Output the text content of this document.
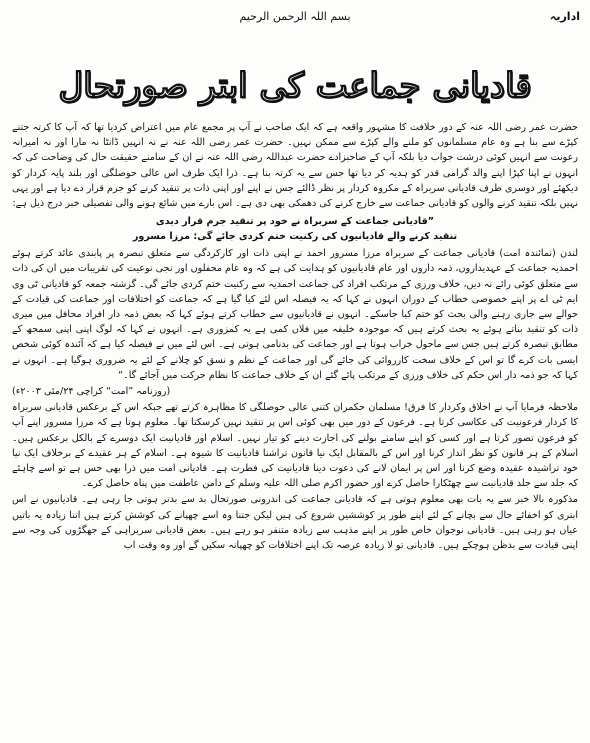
اداریہ
بسم اللہ الرحمن الرحیم
قادیانی جماعت کی ابتر صورتحال

حضرت عمر رضی اللہ عنہ کے دور خلافت کا مشہور واقعہ ہے کہ ایک صاحب نے آپ پر مجمع عام میں اعتراض کردیا تھا کہ آپ کا کرتہ جتنے کپڑے سے بنا ہے وہ عام مسلمانوں کو ملنے والے کپڑے سے ممکن نہیں۔ حضرت عمر رضی اللہ عنہ نے نہ انہیں ڈانٹا نہ مارا اور نہ امیرانہ رعونت سے انہیں کوئی درشت جواب دیا بلکہ آپ کے صاحبزادے حضرت عبداللہ رضی اللہ عنہ نے ان کے سامنے حقیقت حال کی وضاحت کی کہ انہوں نے اپنا کپڑا اپنے والد گرامی قدر کو ہدیہ کر دیا تھا جس سے یہ کرتہ بنا ہے۔ ذرا ایک طرف اس عالی حوصلگی اور بلند پایہ کردار کو دیکھئے اور دوسری طرف قادیانی سربراہ کے مکروہ کردار پر نظر ڈالئے جس نے اپنے اور اپنی ذات پر تنقید کرنے کو جرم قرار دے دیا ہے اور یہی نہیں بلکہ تنقید کرنے والوں کو قادیانی جماعت سے خارج کرنے کی دھمکی بھی دی ہے۔ اس بارے میں شائع ہونے والی تفصیلی خبر درج ذیل ہے:

”قادیانی جماعت کے سربراہ نے خود پر تنقید جرم قرار دیدی
تنقید کرنے والے قادیانیوں کی رکنیت ختم کردی جائے گی: مرزا مسرور

لندن (نمائندہ امت) قادیانی جماعت کے سربراہ مرزا مسرور احمد نے اپنی ذات اور کارکردگی سے متعلق تبصرہ پر پابندی عائد کرتے ہوئے احمدیہ جماعت کے عہدیداروں، ذمہ داروں اور عام قادیانیوں کو ہدایت کی ہے کہ وہ عام محفلوں اور نجی نوعیت کی تقریبات میں ان کی ذات سے متعلق کوئی رائے نہ دیں، خلاف ورزی کے مرتکب افراد کی جماعت احمدیہ سے رکنیت ختم کردی جائے گی۔ گزشتہ جمعہ کو قادیانی ٹی وی ایم ٹی اے پر اپنے خصوصی خطاب کے دوران انہوں نے کہا کہ یہ فیصلہ اس لئے کیا گیا ہے کہ جماعت کو اختلافات اور جماعت کی قیادت کے حوالے سے جاری رہنے والی بحث کو ختم کیا جاسکے۔ انہوں نے قادیانیوں سے خطاب کرتے ہوئے کہا کہ بعض ذمہ دار افراد محافل میں میری ذات کو تنقید بناتے ہوئے یہ بحث کرتے ہیں کہ موجودہ خلیفہ میں فلاں کمی ہے یہ کمزوری ہے۔ انہوں نے کہا کہ لوگ اپنی اپنی سمجھ کے مطابق تبصرہ کرتے ہیں جس سے ماحول خراب ہوتا ہے اور جماعت کی بدنامی ہوتی ہے۔ اس لئے میں نے فیصلہ کیا ہے کہ آئندہ کوئی شخص ایسی بات کرے گا تو اس کے خلاف سخت کارروائی کی جائے گی اور جماعت کے نظم و نسق کو چلانے کے لئے یہ ضروری ہوگیا ہے۔ انہوں نے کہا کہ جو ذمہ دار اس حکم کی خلاف ورزی کے مرتکب پائے گئے ان کے خلاف جماعت کا نظام حرکت میں آجائے گا۔“

(روزنامہ ”امت“ کراچی ۲۴/مئی ۲۰۰۳ء)

ملاحظہ فرمایا آپ نے اخلاق وکردار کا فرق! مسلمان حکمران کتنی عالی حوصلگی کا مظاہرہ کرتے تھے جبکہ اس کے برعکس قادیانی سربراہ کا کردار فرعونیت کی عکاسی کرتا ہے۔ فرعون کے دور میں بھی کوئی اس پر تنقید نہیں کرسکتا تھا۔ معلوم ہوتا ہے کہ مرزا مسرور اپنے آپ کو فرعون تصور کرتا ہے اور کسی کو اپنے سامنے بولنے کی اجازت دینے کو تیار نہیں۔ اسلام اور قادیانیت ایک دوسرے کے بالکل برعکس ہیں۔ اسلام کے ہر قانون کو نظر انداز کرنا اور اس کے بالمقابل ایک نیا قانون تراشنا قادیانیت کا شیوہ ہے۔ اسلام کے ہر عقیدے کے برخلاف ایک نیا خود تراشیدہ عقیدہ وضع کرنا اور اس پر ایمان لانے کی دعوت دینا قادیانیت کی فطرت ہے۔ قادیانی امت میں ذرا بھی حس ہے تو اسے چاہئے کہ جلد سے جلد قادیانیت سے چھٹکارا حاصل کرے اور حضور اکرم صلی اللہ علیہ وسلم کے دامن عاطفت میں پناہ حاصل کرے۔

مذکورہ بالا خبر سے یہ بات بھی معلوم ہوتی ہے کہ قادیانی جماعت کی اندرونی صورتحال بد سے بدتر ہوتی جا رہی ہے۔ قادیانیوں نے اس ابتری کو اخفائے حال سے بچانے کے لئے اپنے طور پر کوششیں شروع کی ہیں لیکن جتنا وہ اسے چھپانے کی کوشش کرتے ہیں اتنا زیادہ یہ باتیں عیاں ہو رہی ہیں۔ قادیانی نوجوان خاص طور پر اپنے مذہب سے زیادہ متنفر ہو رہے ہیں۔ بعض قادیانی سربراہی کے جھگڑوں کی وجہ سے اپنی قیادت سے بدظن ہوچکے ہیں۔ قادیانی تو لا زیادہ عرصہ تک اپنے اختلافات کو چھپانہ سکیں گے اور وہ وقت اب
